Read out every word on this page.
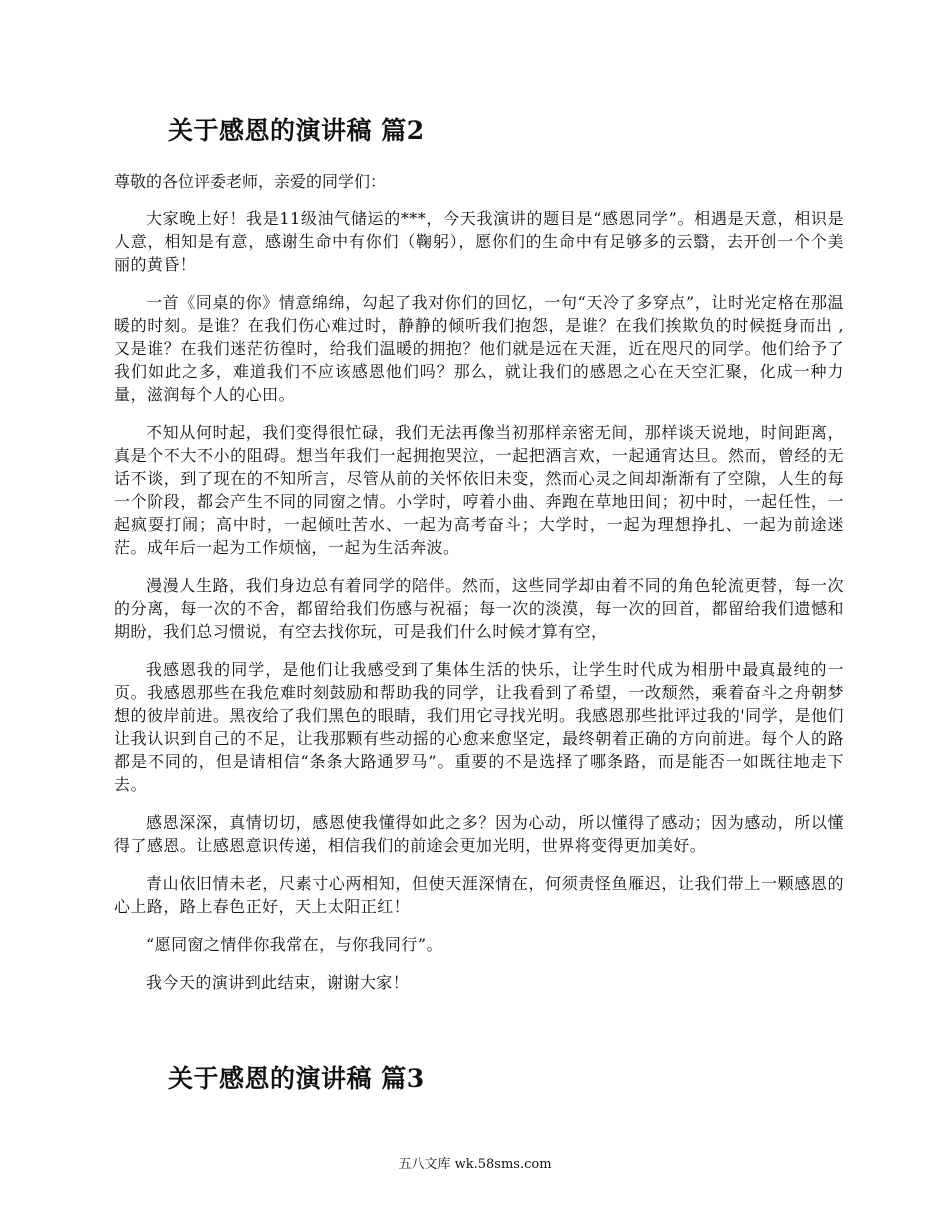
关于感恩的演讲稿 篇2

尊敬的各位评委老师，亲爱的同学们：

大家晚上好！我是11级油气储运的***，今天我演讲的题目是“感恩同学”。相遇是天意，相识是人意，相知是有意，感谢生命中有你们（鞠躬），愿你们的生命中有足够多的云翳，去开创一个个美丽的黄昏！

一首《同桌的你》情意绵绵，勾起了我对你们的回忆，一句“天冷了多穿点”，让时光定格在那温暖的时刻。是谁？在我们伤心难过时，静静的倾听我们抱怨，是谁？在我们挨欺负的时候挺身而出 ,又是谁？在我们迷茫彷徨时，给我们温暖的拥抱？他们就是远在天涯，近在咫尺的同学。他们给予了我们如此之多，难道我们不应该感恩他们吗？那么，就让我们的感恩之心在天空汇聚，化成一种力量，滋润每个人的心田。

不知从何时起，我们变得很忙碌，我们无法再像当初那样亲密无间，那样谈天说地，时间距离，真是个不大不小的阻碍。想当年我们一起拥抱哭泣，一起把酒言欢，一起通宵达旦。然而，曾经的无话不谈，到了现在的不知所言，尽管从前的关怀依旧未变，然而心灵之间却渐渐有了空隙，人生的每一个阶段，都会产生不同的同窗之情。小学时，哼着小曲、奔跑在草地田间；初中时，一起任性，一起疯耍打闹；高中时，一起倾吐苦水、一起为高考奋斗；大学时，一起为理想挣扎、一起为前途迷茫。成年后一起为工作烦恼，一起为生活奔波。

漫漫人生路，我们身边总有着同学的陪伴。然而，这些同学却由着不同的角色轮流更替，每一次的分离，每一次的不舍，都留给我们伤感与祝福；每一次的淡漠，每一次的回首，都留给我们遗憾和期盼，我们总习惯说，有空去找你玩，可是我们什么时候才算有空，

我感恩我的同学，是他们让我感受到了集体生活的快乐，让学生时代成为相册中最真最纯的一页。我感恩那些在我危难时刻鼓励和帮助我的同学，让我看到了希望，一改颓然，乘着奋斗之舟朝梦想的彼岸前进。黑夜给了我们黑色的眼睛，我们用它寻找光明。我感恩那些批评过我的'同学，是他们让我认识到自己的不足，让我那颗有些动摇的心愈来愈坚定，最终朝着正确的方向前进。每个人的路都是不同的，但是请相信“条条大路通罗马”。重要的不是选择了哪条路，而是能否一如既往地走下去。

感恩深深，真情切切，感恩使我懂得如此之多？因为心动，所以懂得了感动；因为感动，所以懂得了感恩。让感恩意识传递，相信我们的前途会更加光明，世界将变得更加美好。

青山依旧情未老，尺素寸心两相知，但使天涯深情在，何须责怪鱼雁迟，让我们带上一颗感恩的心上路，路上春色正好，天上太阳正红！

“愿同窗之情伴你我常在，与你我同行”。

我今天的演讲到此结束，谢谢大家！

关于感恩的演讲稿 篇3
五八文库 wk.58sms.com
